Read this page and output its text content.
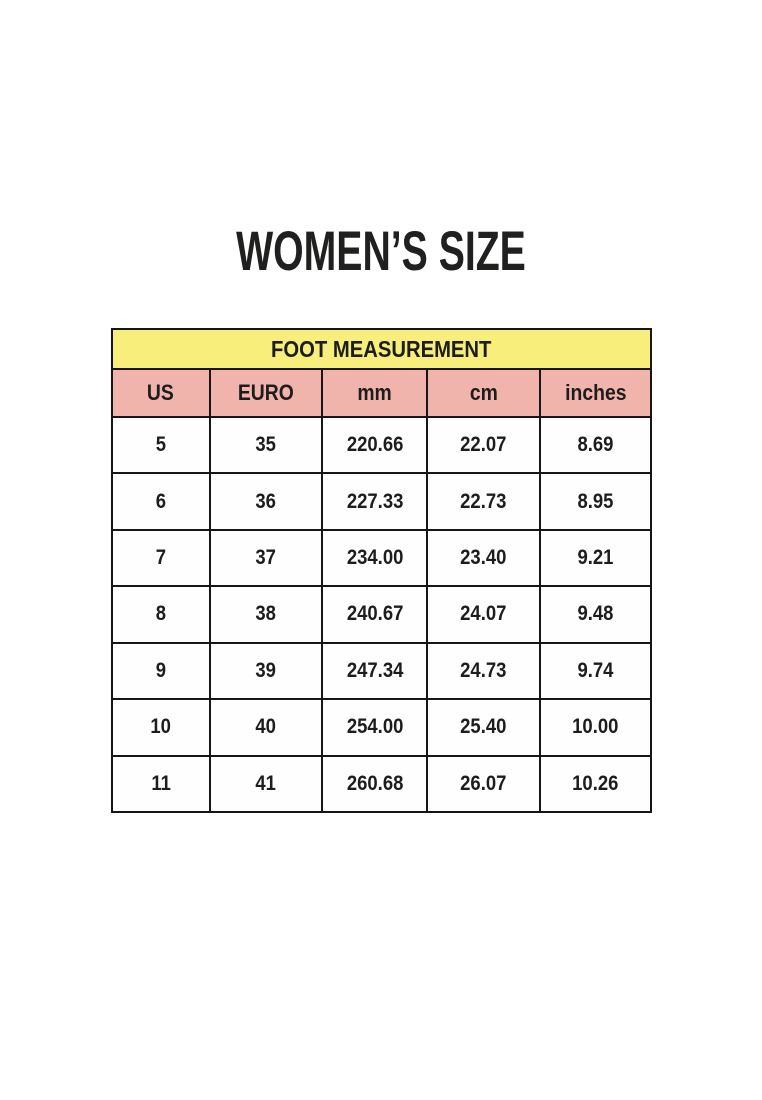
WOMEN’S SIZE
FOOT MEASUREMENT				
US	EURO	mm	cm	inches
5	35	220.66	22.07	8.69
6	36	227.33	22.73	8.95
7	37	234.00	23.40	9.21
8	38	240.67	24.07	9.48
9	39	247.34	24.73	9.74
10	40	254.00	25.40	10.00
11	41	260.68	26.07	10.26
